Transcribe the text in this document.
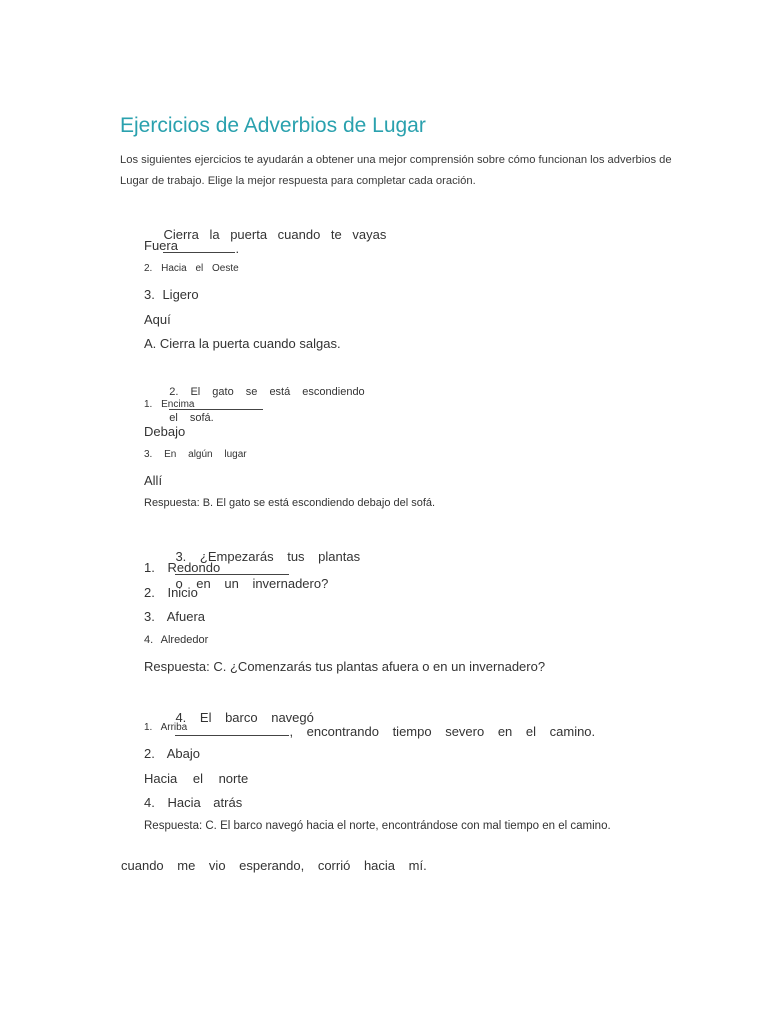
Ejercicios de Adverbios de Lugar
Los siguientes ejercicios te ayudarán a obtener una mejor comprensión sobre cómo funcionan los adverbios de
Lugar de trabajo. Elige la mejor respuesta para completar cada oración.

Cierra la puerta cuando te vayas
.

Fuera
2. Hacia el Oeste
3. Ligero
Aquí
A. Cierra la puerta cuando salgas.

2. El gato se está escondiendo

el sofá.

1. Encima
Debajo
3. En algún lugar
Allí
Respuesta: B. El gato se está escondiendo debajo del sofá.

3. ¿Empezarás tus plantas

o en un invernadero?

1. Redondo
2. Inicio
3. Afuera
4. Alrededor
Respuesta: C. ¿Comenzarás tus plantas afuera o en un invernadero?

4. El barco navegó
, encontrando tiempo severo en el camino.

1. Arriba
2. Abajo
Hacia el norte
4. Hacia atrás
Respuesta: C. El barco navegó hacia el norte, encontrándose con mal tiempo en el camino.
cuando me vio esperando, corrió hacia mí.
